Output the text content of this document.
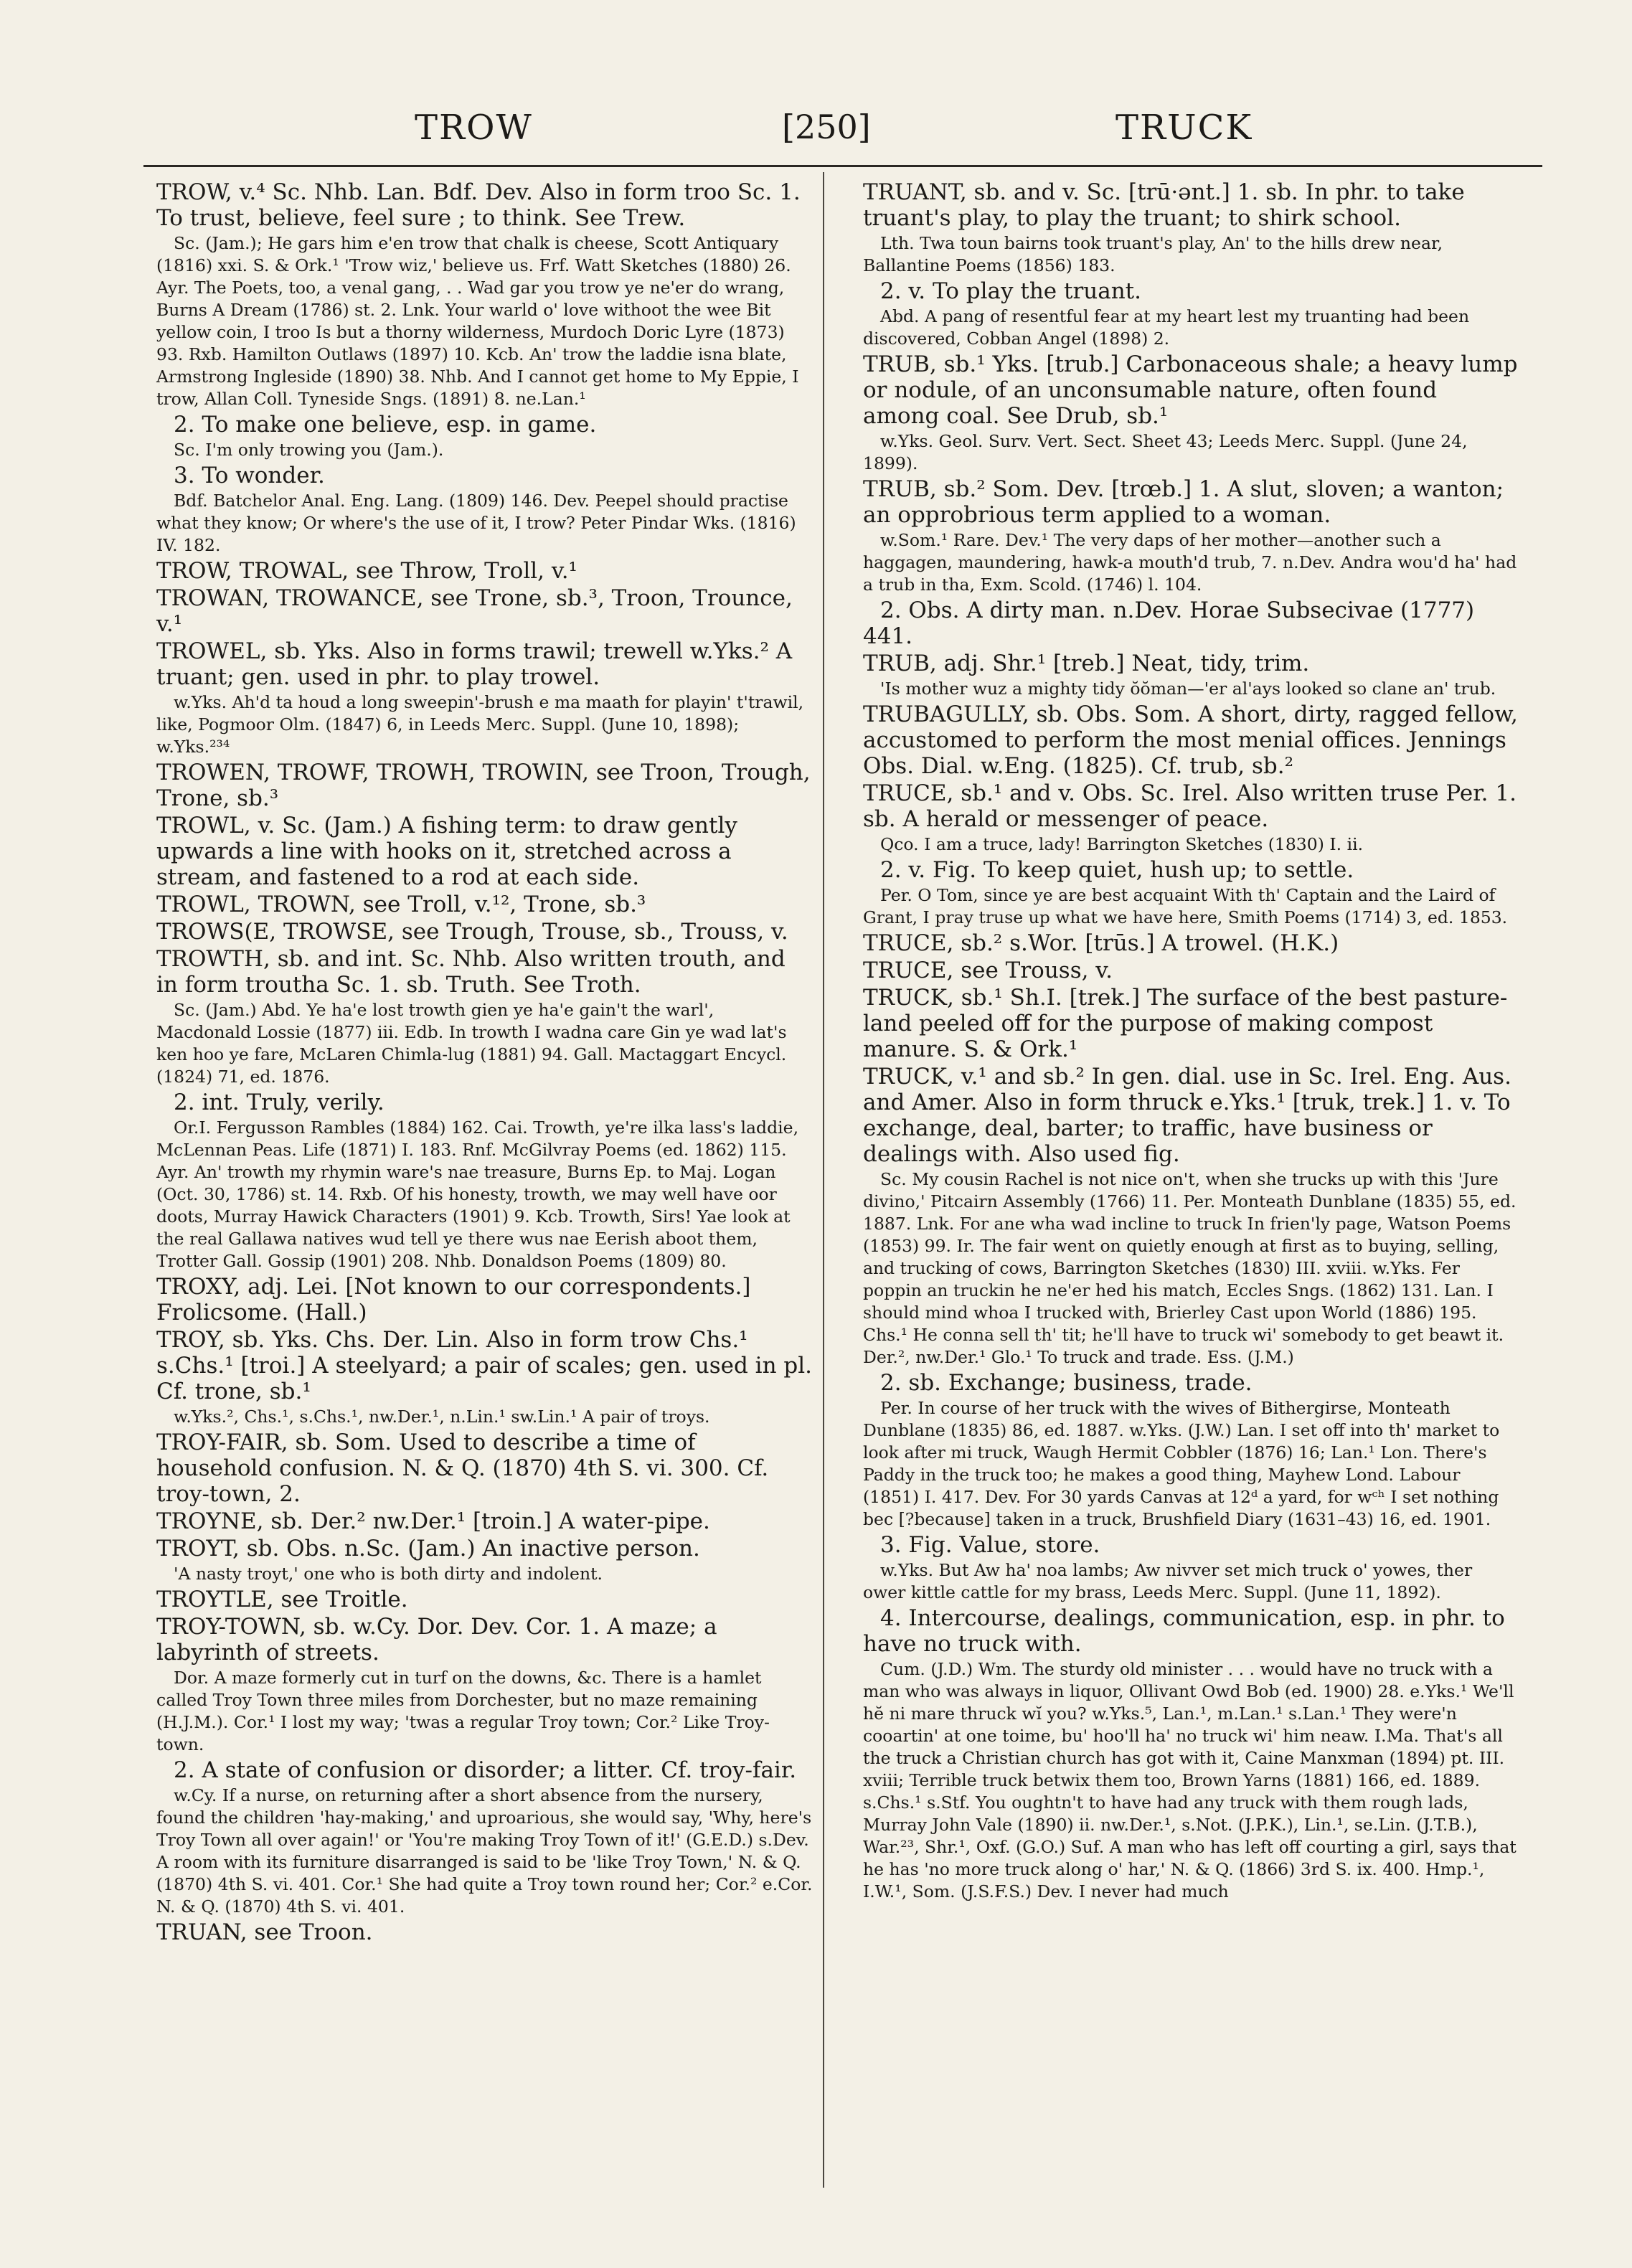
TROW	[250]	TRUCK

TROW, v.⁴ Sc. Nhb. Lan. Bdf. Dev. Also in form troo Sc. 1. To trust, believe, feel sure ; to think. See Trew.

Sc. (Jam.); He gars him e'en trow that chalk is cheese, Scott Antiquary (1816) xxi. S. & Ork.¹ 'Trow wiz,' believe us. Frf. Watt Sketches (1880) 26. Ayr. The Poets, too, a venal gang, . . Wad gar you trow ye ne'er do wrang, Burns A Dream (1786) st. 2. Lnk. Your warld o' love withoot the wee Bit yellow coin, I troo Is but a thorny wilderness, Murdoch Doric Lyre (1873) 93. Rxb. Hamilton Outlaws (1897) 10. Kcb. An' trow the laddie isna blate, Armstrong Ingleside (1890) 38. Nhb. And I cannot get home to My Eppie, I trow, Allan Coll. Tyneside Sngs. (1891) 8. ne.Lan.¹

2. To make one believe, esp. in game.

Sc. I'm only trowing you (Jam.).

3. To wonder.

Bdf. Batchelor Anal. Eng. Lang. (1809) 146. Dev. Peepel should practise what they know; Or where's the use of it, I trow? Peter Pindar Wks. (1816) IV. 182.

TROW, TROWAL, see Throw, Troll, v.¹

TROWAN, TROWANCE, see Trone, sb.³, Troon, Trounce, v.¹

TROWEL, sb. Yks. Also in forms trawil; trewell w.Yks.² A truant; gen. used in phr. to play trowel.

w.Yks. Ah'd ta houd a long sweepin'-brush e ma maath for playin' t'trawil, like, Pogmoor Olm. (1847) 6, in Leeds Merc. Suppl. (June 10, 1898); w.Yks.²³⁴

TROWEN, TROWF, TROWH, TROWIN, see Troon, Trough, Trone, sb.³

TROWL, v. Sc. (Jam.) A fishing term: to draw gently upwards a line with hooks on it, stretched across a stream, and fastened to a rod at each side.

TROWL, TROWN, see Troll, v.¹², Trone, sb.³

TROWS(E, TROWSE, see Trough, Trouse, sb., Trouss, v.

TROWTH, sb. and int. Sc. Nhb. Also written trouth, and in form troutha Sc. 1. sb. Truth. See Troth.

Sc. (Jam.) Abd. Ye ha'e lost trowth gien ye ha'e gain't the warl', Macdonald Lossie (1877) iii. Edb. In trowth I wadna care Gin ye wad lat's ken hoo ye fare, McLaren Chimla-lug (1881) 94. Gall. Mactaggart Encycl. (1824) 71, ed. 1876.

2. int. Truly, verily.

Or.I. Fergusson Rambles (1884) 162. Cai. Trowth, ye're ilka lass's laddie, McLennan Peas. Life (1871) I. 183. Rnf. McGilvray Poems (ed. 1862) 115. Ayr. An' trowth my rhymin ware's nae treasure, Burns Ep. to Maj. Logan (Oct. 30, 1786) st. 14. Rxb. Of his honesty, trowth, we may well have oor doots, Murray Hawick Characters (1901) 9. Kcb. Trowth, Sirs! Yae look at the real Gallawa natives wud tell ye there wus nae Eerish aboot them, Trotter Gall. Gossip (1901) 208. Nhb. Donaldson Poems (1809) 80.

TROXY, adj. Lei. [Not known to our correspondents.] Frolicsome. (Hall.)

TROY, sb. Yks. Chs. Der. Lin. Also in form trow Chs.¹ s.Chs.¹ [troi.] A steelyard; a pair of scales; gen. used in pl. Cf. trone, sb.¹

w.Yks.², Chs.¹, s.Chs.¹, nw.Der.¹, n.Lin.¹ sw.Lin.¹ A pair of troys.

TROY-FAIR, sb. Som. Used to describe a time of household confusion. N. & Q. (1870) 4th S. vi. 300. Cf. troy-town, 2.

TROYNE, sb. Der.² nw.Der.¹ [troin.] A water-pipe.

TROYT, sb. Obs. n.Sc. (Jam.) An inactive person.

'A nasty troyt,' one who is both dirty and indolent.

TROYTLE, see Troitle.

TROY-TOWN, sb. w.Cy. Dor. Dev. Cor. 1. A maze; a labyrinth of streets.

Dor. A maze formerly cut in turf on the downs, &c. There is a hamlet called Troy Town three miles from Dorchester, but no maze remaining (H.J.M.). Cor.¹ I lost my way; 'twas a regular Troy town; Cor.² Like Troy-town.

2. A state of confusion or disorder; a litter. Cf. troy-fair.

w.Cy. If a nurse, on returning after a short absence from the nursery, found the children 'hay-making,' and uproarious, she would say, 'Why, here's Troy Town all over again!' or 'You're making Troy Town of it!' (G.E.D.) s.Dev. A room with its furniture disarranged is said to be 'like Troy Town,' N. & Q. (1870) 4th S. vi. 401. Cor.¹ She had quite a Troy town round her; Cor.² e.Cor. N. & Q. (1870) 4th S. vi. 401.

TRUAN, see Troon.

TRUANT, sb. and v. Sc. [trū·ənt.] 1. sb. In phr. to take truant's play, to play the truant; to shirk school.

Lth. Twa toun bairns took truant's play, An' to the hills drew near, Ballantine Poems (1856) 183.

2. v. To play the truant.

Abd. A pang of resentful fear at my heart lest my truanting had been discovered, Cobban Angel (1898) 2.

TRUB, sb.¹ Yks. [trub.] Carbonaceous shale; a heavy lump or nodule, of an unconsumable nature, often found among coal. See Drub, sb.¹

w.Yks. Geol. Surv. Vert. Sect. Sheet 43; Leeds Merc. Suppl. (June 24, 1899).

TRUB, sb.² Som. Dev. [trœb.] 1. A slut, sloven; a wanton; an opprobrious term applied to a woman.

w.Som.¹ Rare. Dev.¹ The very daps of her mother—another such a haggagen, maundering, hawk-a mouth'd trub, 7. n.Dev. Andra wou'd ha' had a trub in tha, Exm. Scold. (1746) l. 104.

2. Obs. A dirty man. n.Dev. Horae Subsecivae (1777) 441.

TRUB, adj. Shr.¹ [treb.] Neat, tidy, trim.

'Is mother wuz a mighty tidy ŏŏman—'er al'ays looked so clane an' trub.

TRUBAGULLY, sb. Obs. Som. A short, dirty, ragged fellow, accustomed to perform the most menial offices. Jennings Obs. Dial. w.Eng. (1825). Cf. trub, sb.²

TRUCE, sb.¹ and v. Obs. Sc. Irel. Also written truse Per. 1. sb. A herald or messenger of peace.

Qco. I am a truce, lady! Barrington Sketches (1830) I. ii.

2. v. Fig. To keep quiet, hush up; to settle.

Per. O Tom, since ye are best acquaint With th' Captain and the Laird of Grant, I pray truse up what we have here, Smith Poems (1714) 3, ed. 1853.

TRUCE, sb.² s.Wor. [trūs.] A trowel. (H.K.)

TRUCE, see Trouss, v.

TRUCK, sb.¹ Sh.I. [trek.] The surface of the best pasture-land peeled off for the purpose of making compost manure. S. & Ork.¹

TRUCK, v.¹ and sb.² In gen. dial. use in Sc. Irel. Eng. Aus. and Amer. Also in form thruck e.Yks.¹ [truk, trek.] 1. v. To exchange, deal, barter; to traffic, have business or dealings with. Also used fig.

Sc. My cousin Rachel is not nice on't, when she trucks up with this 'Jure divino,' Pitcairn Assembly (1766) 11. Per. Monteath Dunblane (1835) 55, ed. 1887. Lnk. For ane wha wad incline to truck In frien'ly page, Watson Poems (1853) 99. Ir. The fair went on quietly enough at first as to buying, selling, and trucking of cows, Barrington Sketches (1830) III. xviii. w.Yks. Fer poppin an truckin he ne'er hed his match, Eccles Sngs. (1862) 131. Lan. I should mind whoa I trucked with, Brierley Cast upon World (1886) 195. Chs.¹ He conna sell th' tit; he'll have to truck wi' somebody to get beawt it. Der.², nw.Der.¹ Glo.¹ To truck and trade. Ess. (J.M.)

2. sb. Exchange; business, trade.

Per. In course of her truck with the wives of Bithergirse, Monteath Dunblane (1835) 86, ed. 1887. w.Yks. (J.W.) Lan. I set off into th' market to look after mi truck, Waugh Hermit Cobbler (1876) 16; Lan.¹ Lon. There's Paddy in the truck too; he makes a good thing, Mayhew Lond. Labour (1851) I. 417. Dev. For 30 yards Canvas at 12ᵈ a yard, for wᶜʰ I set nothing bec [?because] taken in a truck, Brushfield Diary (1631–43) 16, ed. 1901.

3. Fig. Value, store.

w.Yks. But Aw ha' noa lambs; Aw nivver set mich truck o' yowes, ther ower kittle cattle for my brass, Leeds Merc. Suppl. (June 11, 1892).

4. Intercourse, dealings, communication, esp. in phr. to have no truck with.

Cum. (J.D.) Wm. The sturdy old minister . . . would have no truck with a man who was always in liquor, Ollivant Owd Bob (ed. 1900) 28. e.Yks.¹ We'll hĕ ni mare thruck wĭ you? w.Yks.⁵, Lan.¹, m.Lan.¹ s.Lan.¹ They were'n cooartin' at one toime, bu' hoo'll ha' no truck wi' him neaw. I.Ma. That's all the truck a Christian church has got with it, Caine Manxman (1894) pt. III. xviii; Terrible truck betwix them too, Brown Yarns (1881) 166, ed. 1889. s.Chs.¹ s.Stf. You oughtn't to have had any truck with them rough lads, Murray John Vale (1890) ii. nw.Der.¹, s.Not. (J.P.K.), Lin.¹, se.Lin. (J.T.B.), War.²³, Shr.¹, Oxf. (G.O.) Suf. A man who has left off courting a girl, says that he has 'no more truck along o' har,' N. & Q. (1866) 3rd S. ix. 400. Hmp.¹, I.W.¹, Som. (J.S.F.S.) Dev. I never had much
